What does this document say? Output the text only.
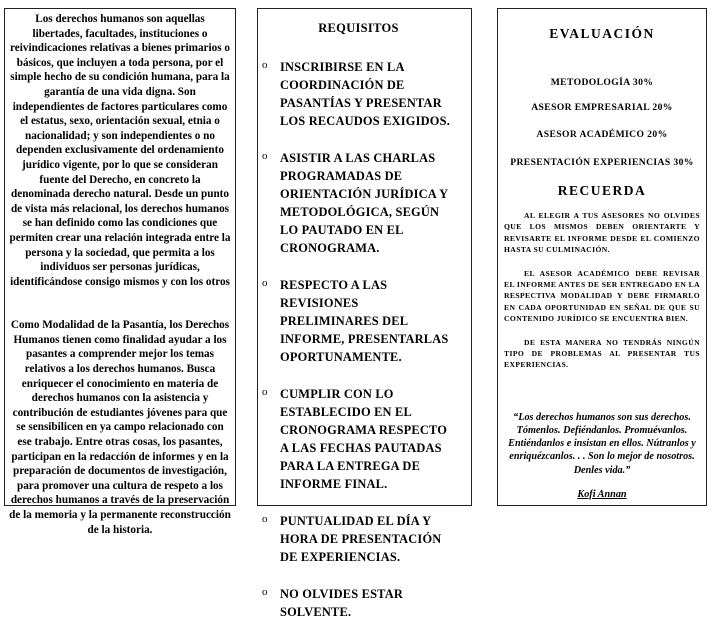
Los derechos humanos son aquellas libertades, facultades, instituciones o reivindicaciones relativas a bienes primarios o básicos, que incluyen a toda persona, por el simple hecho de su condición humana, para la garantía de una vida digna. Son independientes de factores particulares como el estatus, sexo, orientación sexual, etnia o nacionalidad; y son independientes o no dependen exclusivamente del ordenamiento jurídico vigente, por lo que se consideran fuente del Derecho, en concreto la denominada derecho natural. Desde un punto de vista más relacional, los derechos humanos se han definido como las condiciones que permiten crear una relación integrada entre la persona y la sociedad, que permita a los individuos ser personas jurídicas, identificándose consigo mismos y con los otros

Como Modalidad de la Pasantía, los Derechos Humanos tienen como finalidad ayudar a los pasantes a comprender mejor los temas relativos a los derechos humanos. Busca enriquecer el conocimiento en materia de derechos humanos con la asistencia y contribución de estudiantes jóvenes para que se sensibilicen en ya campo relacionado con ese trabajo. Entre otras cosas, los pasantes, participan en la redacción de informes y en la preparación de documentos de investigación, para promover una cultura de respeto a los derechos humanos a través de la preservación de la memoria y la permanente reconstrucción de la historia.

REQUISITOS
o INSCRIBIRSE EN LA COORDINACIÓN DE PASANTÍAS Y PRESENTAR LOS RECAUDOS EXIGIDOS.
o ASISTIR A LAS CHARLAS PROGRAMADAS DE ORIENTACIÓN JURÍDICA Y METODOLÓGICA, SEGÚN LO PAUTADO EN EL CRONOGRAMA.
o RESPECTO A LAS REVISIONES PRELIMINARES DEL INFORME, PRESENTARLAS OPORTUNAMENTE.
o CUMPLIR CON LO ESTABLECIDO EN EL CRONOGRAMA RESPECTO A LAS FECHAS PAUTADAS PARA LA ENTREGA DE INFORME FINAL.
o PUNTUALIDAD EL DÍA Y HORA DE PRESENTACIÓN DE EXPERIENCIAS.
o NO OLVIDES ESTAR SOLVENTE.
EVALUACIÓN
METODOLOGÍA 30%
ASESOR EMPRESARIAL 20%
ASESOR ACADÉMICO 20%
PRESENTACIÓN EXPERIENCIAS 30%
RECUERDA

AL ELEGIR A TUS ASESORES NO OLVIDES QUE LOS MISMOS DEBEN ORIENTARTE Y REVISARTE EL INFORME DESDE EL COMIENZO HASTA SU CULMINACIÓN.

EL ASESOR ACADÉMICO DEBE REVISAR EL INFORME ANTES DE SER ENTREGADO EN LA RESPECTIVA MODALIDAD Y DEBE FIRMARLO EN CADA OPORTUNIDAD EN SEÑAL DE QUE SU CONTENIDO JURÍDICO SE ENCUENTRA BIEN.

DE ESTA MANERA NO TENDRÁS NINGÚN TIPO DE PROBLEMAS AL PRESENTAR TUS EXPERIENCIAS.

“Los derechos humanos son sus derechos. Tómenlos. Defiéndanlos. Promuévanlos. Entiéndanlos e insistan en ellos. Nútranlos y enriquézcanlos. . . Son lo mejor de nosotros. Denles vida.”

Kofi Annan
